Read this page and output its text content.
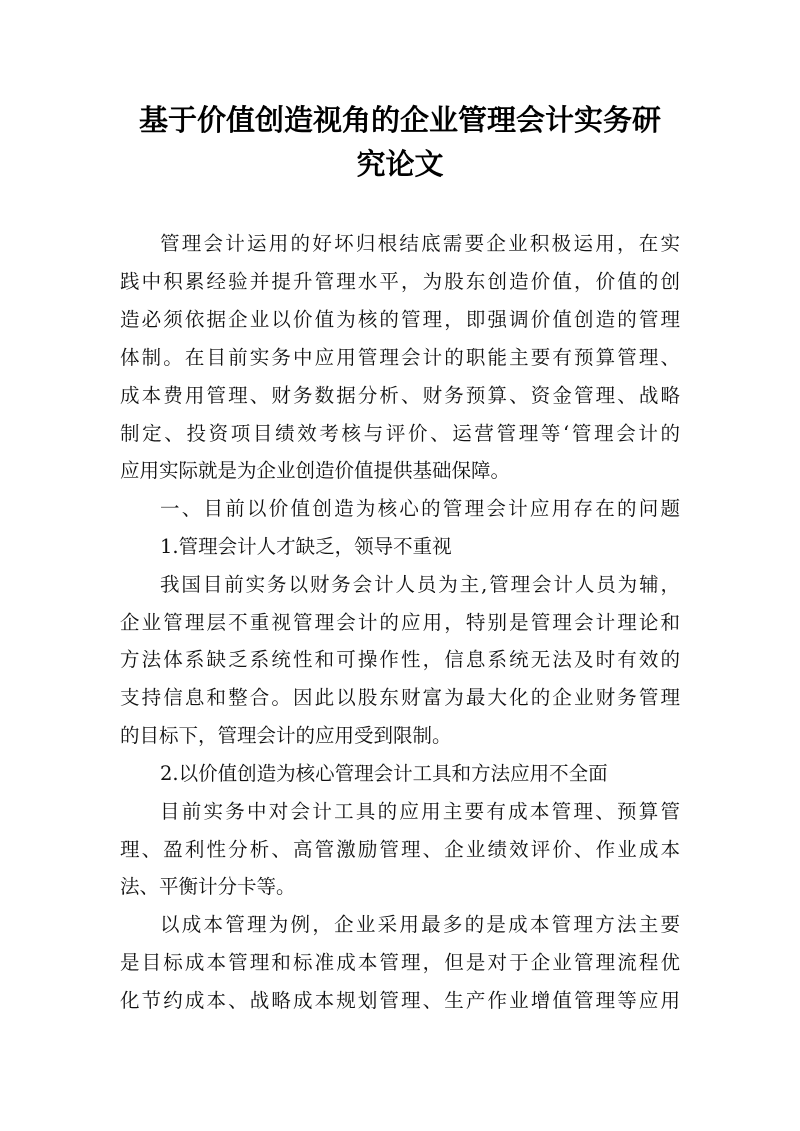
基于价值创造视角的企业管理会计实务研
究论文
管理会计运用的好坏归根结底需要企业积极运用，在实
践中积累经验并提升管理水平，为股东创造价值，价值的创
造必须依据企业以价值为核的管理，即强调价值创造的管理
体制。在目前实务中应用管理会计的职能主要有预算管理、
成本费用管理、财务数据分析、财务预算、资金管理、战略
制定、投资项目绩效考核与评价、运营管理等‘管理会计的
应用实际就是为企业创造价值提供基础保障。
一、目前以价值创造为核心的管理会计应用存在的问题
1.管理会计人才缺乏，领导不重视
我国目前实务以财务会计人员为主,管理会计人员为辅，
企业管理层不重视管理会计的应用，特别是管理会计理论和
方法体系缺乏系统性和可操作性，信息系统无法及时有效的
支持信息和整合。因此以股东财富为最大化的企业财务管理
的目标下，管理会计的应用受到限制。
2.以价值创造为核心管理会计工具和方法应用不全面
目前实务中对会计工具的应用主要有成本管理、预算管
理、盈利性分析、高管激励管理、企业绩效评价、作业成本
法、平衡计分卡等。
以成本管理为例，企业采用最多的是成本管理方法主要
是目标成本管理和标准成本管理，但是对于企业管理流程优
化节约成本、战略成本规划管理、生产作业增值管理等应用
